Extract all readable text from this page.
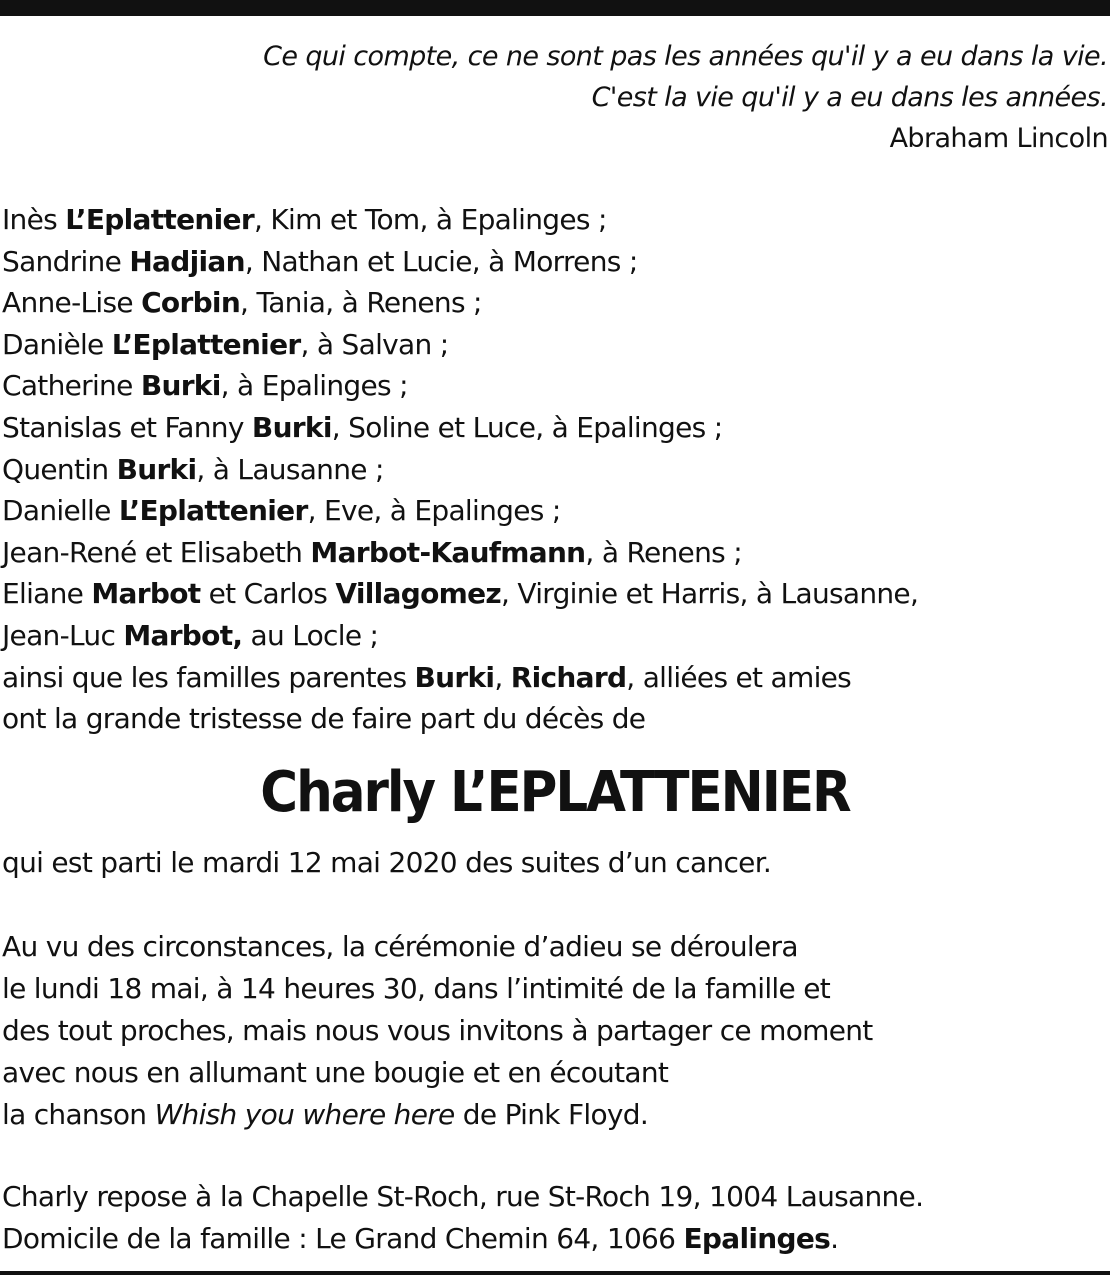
Ce qui compte, ce ne sont pas les années qu'il y a eu dans la vie.
C'est la vie qu'il y a eu dans les années.
Abraham Lincoln
Inès L’Eplattenier, Kim et Tom, à Epalinges ;
Sandrine Hadjian, Nathan et Lucie, à Morrens ;
Anne-Lise Corbin, Tania, à Renens ;
Danièle L’Eplattenier, à Salvan ;
Catherine Burki, à Epalinges ;
Stanislas et Fanny Burki, Soline et Luce, à Epalinges ;
Quentin Burki, à Lausanne ;
Danielle L’Eplattenier, Eve, à Epalinges ;
Jean-René et Elisabeth Marbot-Kaufmann, à Renens ;
Eliane Marbot et Carlos Villagomez, Virginie et Harris, à Lausanne,
Jean-Luc Marbot, au Locle ;
ainsi que les familles parentes Burki, Richard, alliées et amies
ont la grande tristesse de faire part du décès de
Charly L’EPLATTENIER
qui est parti le mardi 12 mai 2020 des suites d’un cancer.
Au vu des circonstances, la cérémonie d’adieu se déroulera
le lundi 18 mai, à 14 heures 30, dans l’intimité de la famille et
des tout proches, mais nous vous invitons à partager ce moment
avec nous en allumant une bougie et en écoutant
la chanson Whish you where here de Pink Floyd.
Charly repose à la Chapelle St-Roch, rue St-Roch 19, 1004 Lausanne.
Domicile de la famille : Le Grand Chemin 64, 1066 Epalinges.
